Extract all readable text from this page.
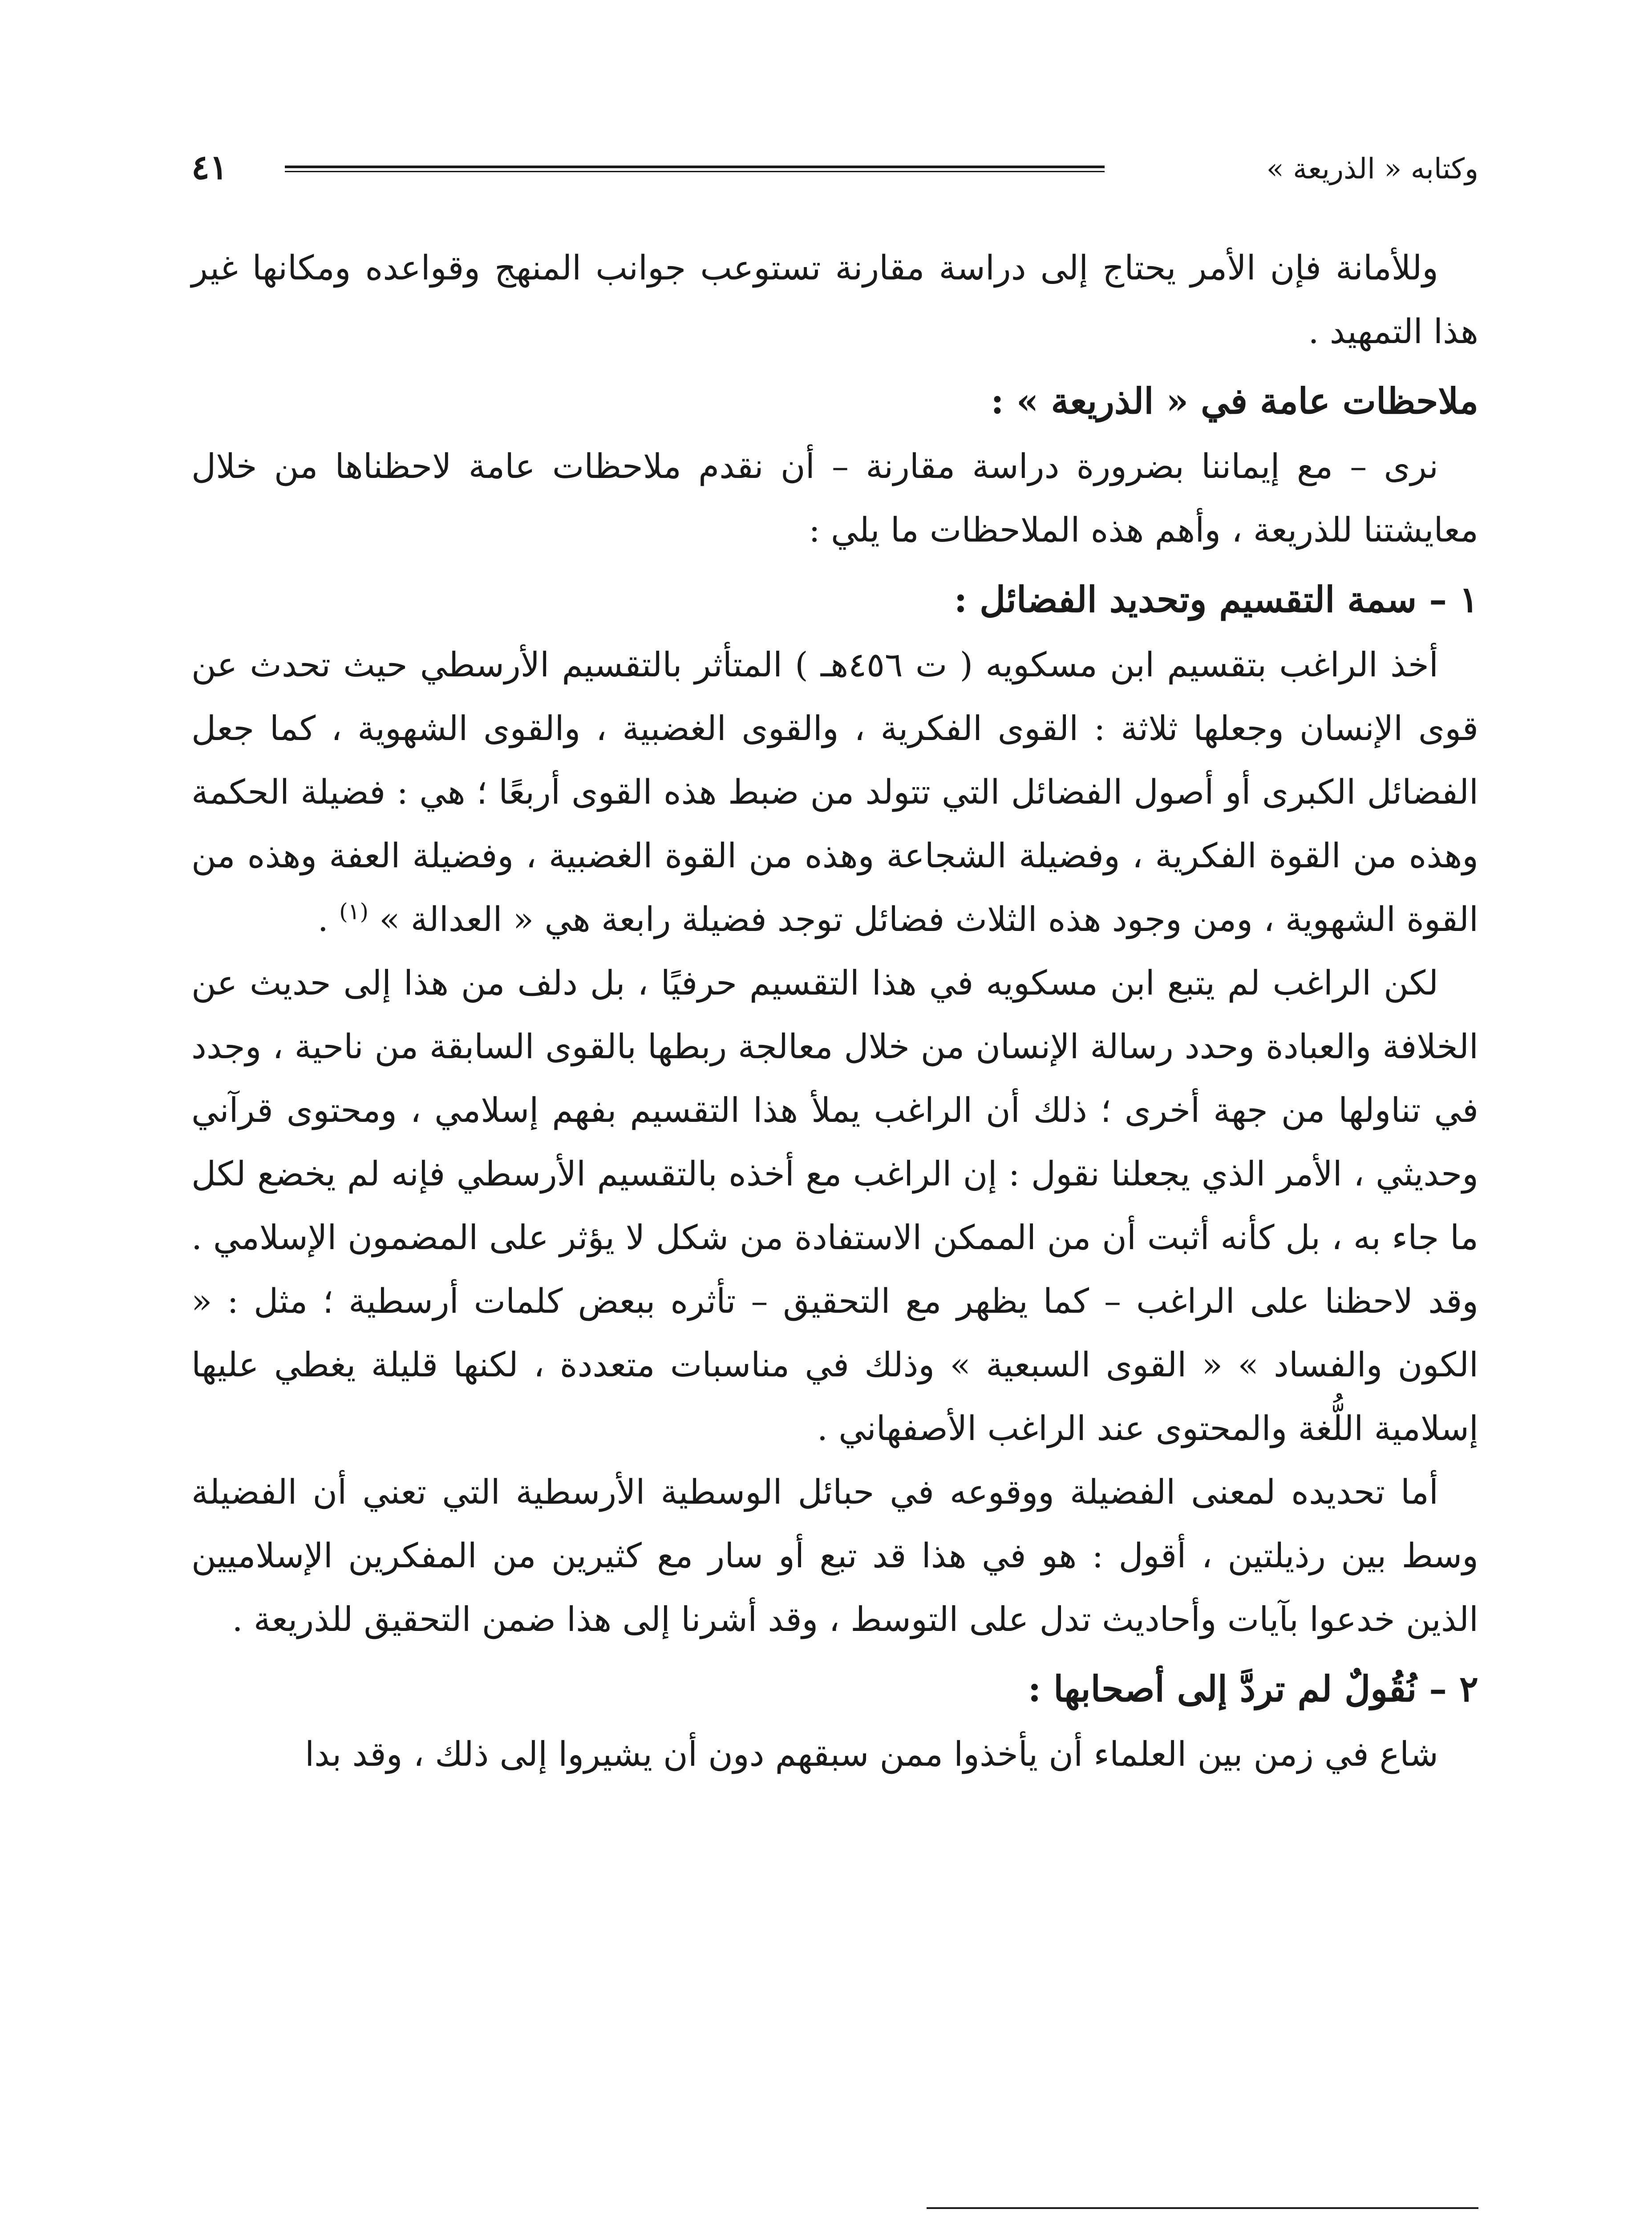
وكتابه « الذريعة »
٤١

وللأمانة فإن الأمر يحتاج إلى دراسة مقارنة تستوعب جوانب المنهج وقواعده ومكانها غير هذا التمهيد .

ملاحظات عامة في « الذريعة » :

نرى – مع إيماننا بضرورة دراسة مقارنة – أن نقدم ملاحظات عامة لاحظناها من خلال معايشتنا للذريعة ، وأهم هذه الملاحظات ما يلي :

١ – سمة التقسيم وتحديد الفضائل :

أخذ الراغب بتقسيم ابن مسكويه ( ت ٤٥٦هـ ) المتأثر بالتقسيم الأرسطي حيث تحدث عن قوى الإنسان وجعلها ثلاثة : القوى الفكرية ، والقوى الغضبية ، والقوى الشهوية ، كما جعل الفضائل الكبرى أو أصول الفضائل التي تتولد من ضبط هذه القوى أربعًا ؛ هي : فضيلة الحكمة وهذه من القوة الفكرية ، وفضيلة الشجاعة وهذه من القوة الغضبية ، وفضيلة العفة وهذه من القوة الشهوية ، ومن وجود هذه الثلاث فضائل توجد فضيلة رابعة هي « العدالة » $^{(١)}$ .

لكن الراغب لم يتبع ابن مسكويه في هذا التقسيم حرفيًا ، بل دلف من هذا إلى حديث عن الخلافة والعبادة وحدد رسالة الإنسان من خلال معالجة ربطها بالقوى السابقة من ناحية ، وجدد في تناولها من جهة أخرى ؛ ذلك أن الراغب يملأ هذا التقسيم بفهم إسلامي ، ومحتوى قرآني وحديثي ، الأمر الذي يجعلنا نقول : إن الراغب مع أخذه بالتقسيم الأرسطي فإنه لم يخضع لكل ما جاء به ، بل كأنه أثبت أن من الممكن الاستفادة من شكل لا يؤثر على المضمون الإسلامي . وقد لاحظنا على الراغب – كما يظهر مع التحقيق – تأثره ببعض كلمات أرسطية ؛ مثل : « الكون والفساد » « القوى السبعية » وذلك في مناسبات متعددة ، لكنها قليلة يغطي عليها إسلامية اللُّغة والمحتوى عند الراغب الأصفهاني .

أما تحديده لمعنى الفضيلة ووقوعه في حبائل الوسطية الأرسطية التي تعني أن الفضيلة وسط بين رذيلتين ، أقول : هو في هذا قد تبع أو سار مع كثيرين من المفكرين الإسلاميين الذين خدعوا بآيات وأحاديث تدل على التوسط ، وقد أشرنا إلى هذا ضمن التحقيق للذريعة .

٢ – نُقُولٌ لم تردَّ إلى أصحابها :

شاع في زمن بين العلماء أن يأخذوا ممن سبقهم دون أن يشيروا إلى ذلك ، وقد بدا
